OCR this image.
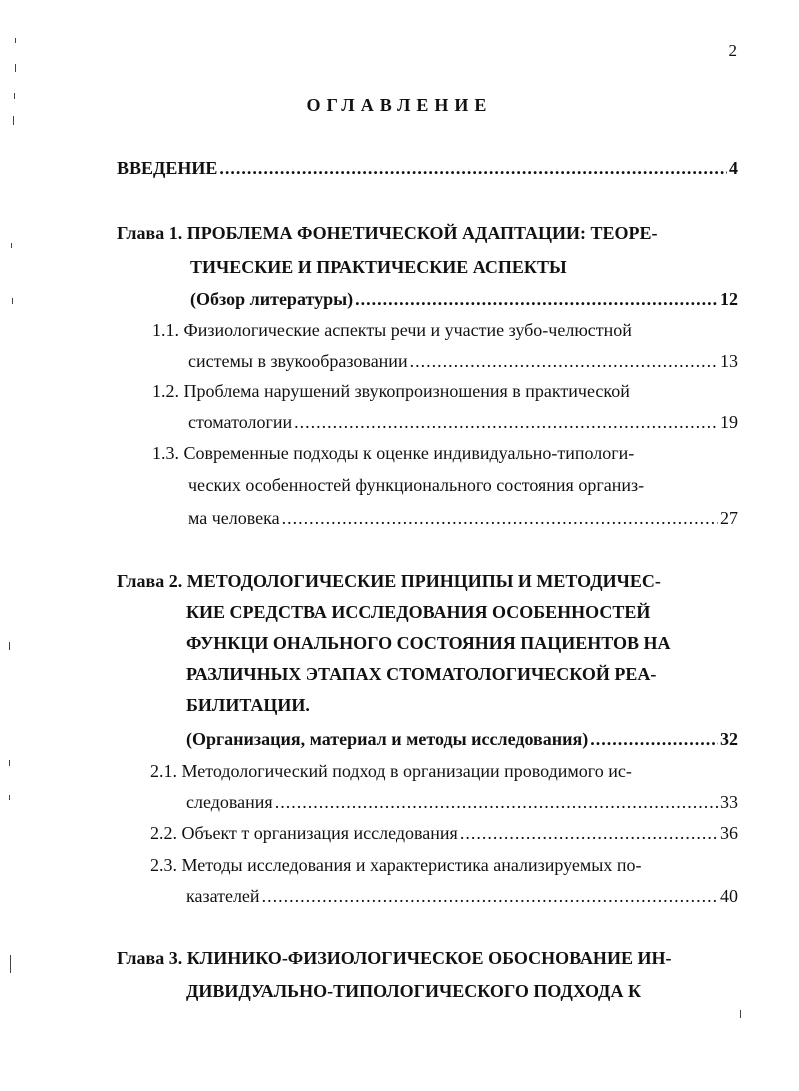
2
ОГЛАВЛЕНИЕ
ВВЕДЕНИЕ .....	4
Глава 1. ПРОБЛЕМА ФОНЕТИЧЕСКОЙ АДАПТАЦИИ: ТЕОРЕ-
ТИЧЕСКИЕ И ПРАКТИЧЕСКИЕ АСПЕКТЫ
(Обзор литературы) .....	12
1.1. Физиологические аспекты речи и участие зубо-челюстной
системы в звукообразовании .....	13
1.2. Проблема нарушений звукопроизношения в практической
стоматологии .....	19
1.3. Современные подходы к оценке индивидуально-типологи-
ческих особенностей функционального состояния организ-
ма человека .....	27
Глава 2. МЕТОДОЛОГИЧЕСКИЕ ПРИНЦИПЫ И МЕТОДИЧЕС-
КИЕ СРЕДСТВА ИССЛЕДОВАНИЯ ОСОБЕННОСТЕЙ
ФУНКЦИ ОНАЛЬНОГО СОСТОЯНИЯ ПАЦИЕНТОВ НА
РАЗЛИЧНЫХ ЭТАПАХ СТОМАТОЛОГИЧЕСКОЙ РЕА-
БИЛИТАЦИИ.
(Организация, материал и методы исследования) .....	32
2.1. Методологический подход в организации проводимого ис-
следования .....	33
2.2. Объект т организация исследования .....	36
2.3. Методы исследования и характеристика анализируемых по-
казателей .....	40
Глава 3. КЛИНИКО-ФИЗИОЛОГИЧЕСКОЕ ОБОСНОВАНИЕ ИН-
ДИВИДУАЛЬНО-ТИПОЛОГИЧЕСКОГО ПОДХОДА К
